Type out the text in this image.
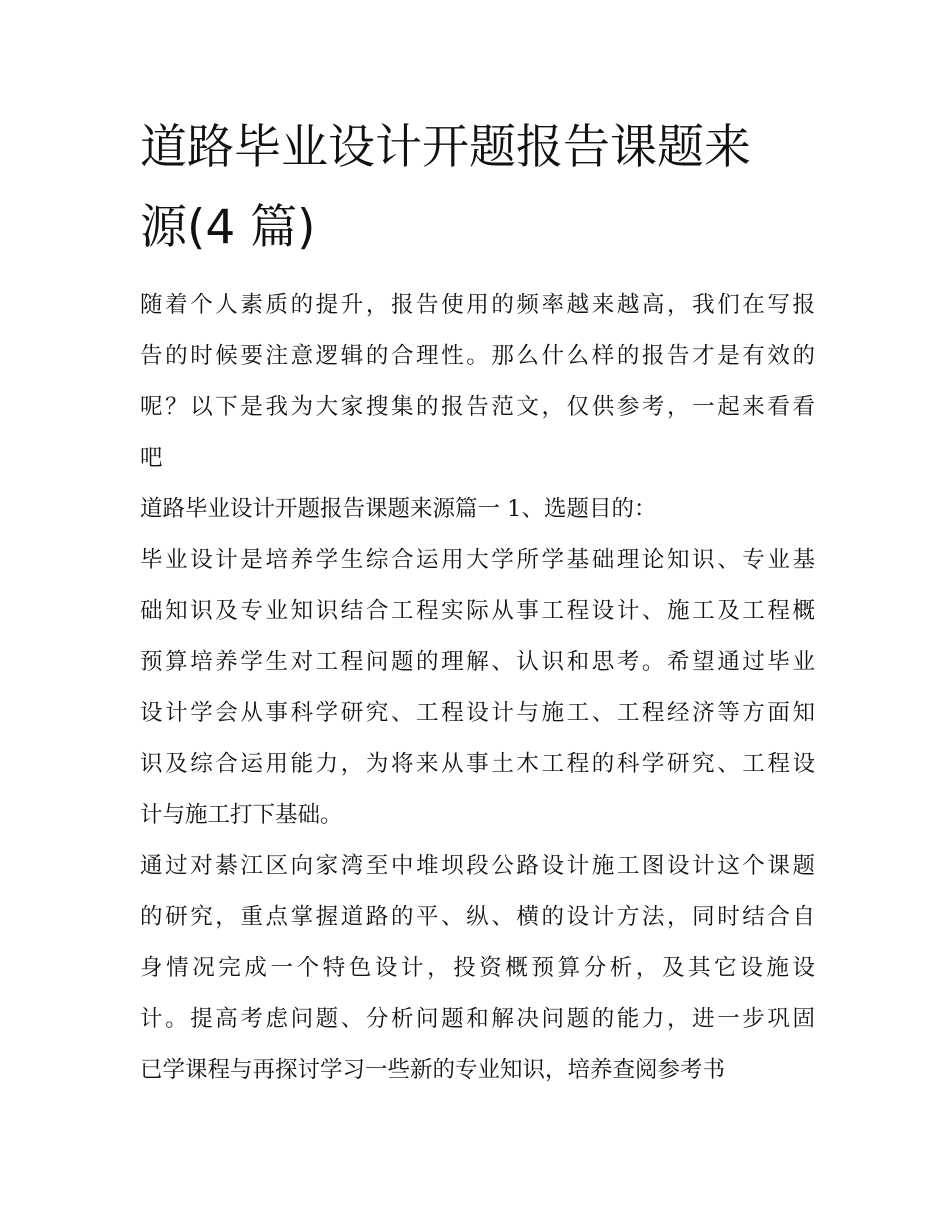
道路毕业设计开题报告课题来
源(4 篇)
随着个人素质的提升，报告使用的频率越来越高，我们在写报
告的时候要注意逻辑的合理性。那么什么样的报告才是有效的
呢？以下是我为大家搜集的报告范文，仅供参考，一起来看看
吧
道路毕业设计开题报告课题来源篇一 1、选题目的：
毕业设计是培养学生综合运用大学所学基础理论知识、专业基
础知识及专业知识结合工程实际从事工程设计、施工及工程概
预算培养学生对工程问题的理解、认识和思考。希望通过毕业
设计学会从事科学研究、工程设计与施工、工程经济等方面知
识及综合运用能力，为将来从事土木工程的科学研究、工程设
计与施工打下基础。
通过对綦江区向家湾至中堆坝段公路设计施工图设计这个课题
的研究，重点掌握道路的平、纵、横的设计方法，同时结合自
身情况完成一个特色设计，投资概预算分析，及其它设施设
计。提高考虑问题、分析问题和解决问题的能力，进一步巩固
已学课程与再探讨学习一些新的专业知识，培养查阅参考书
